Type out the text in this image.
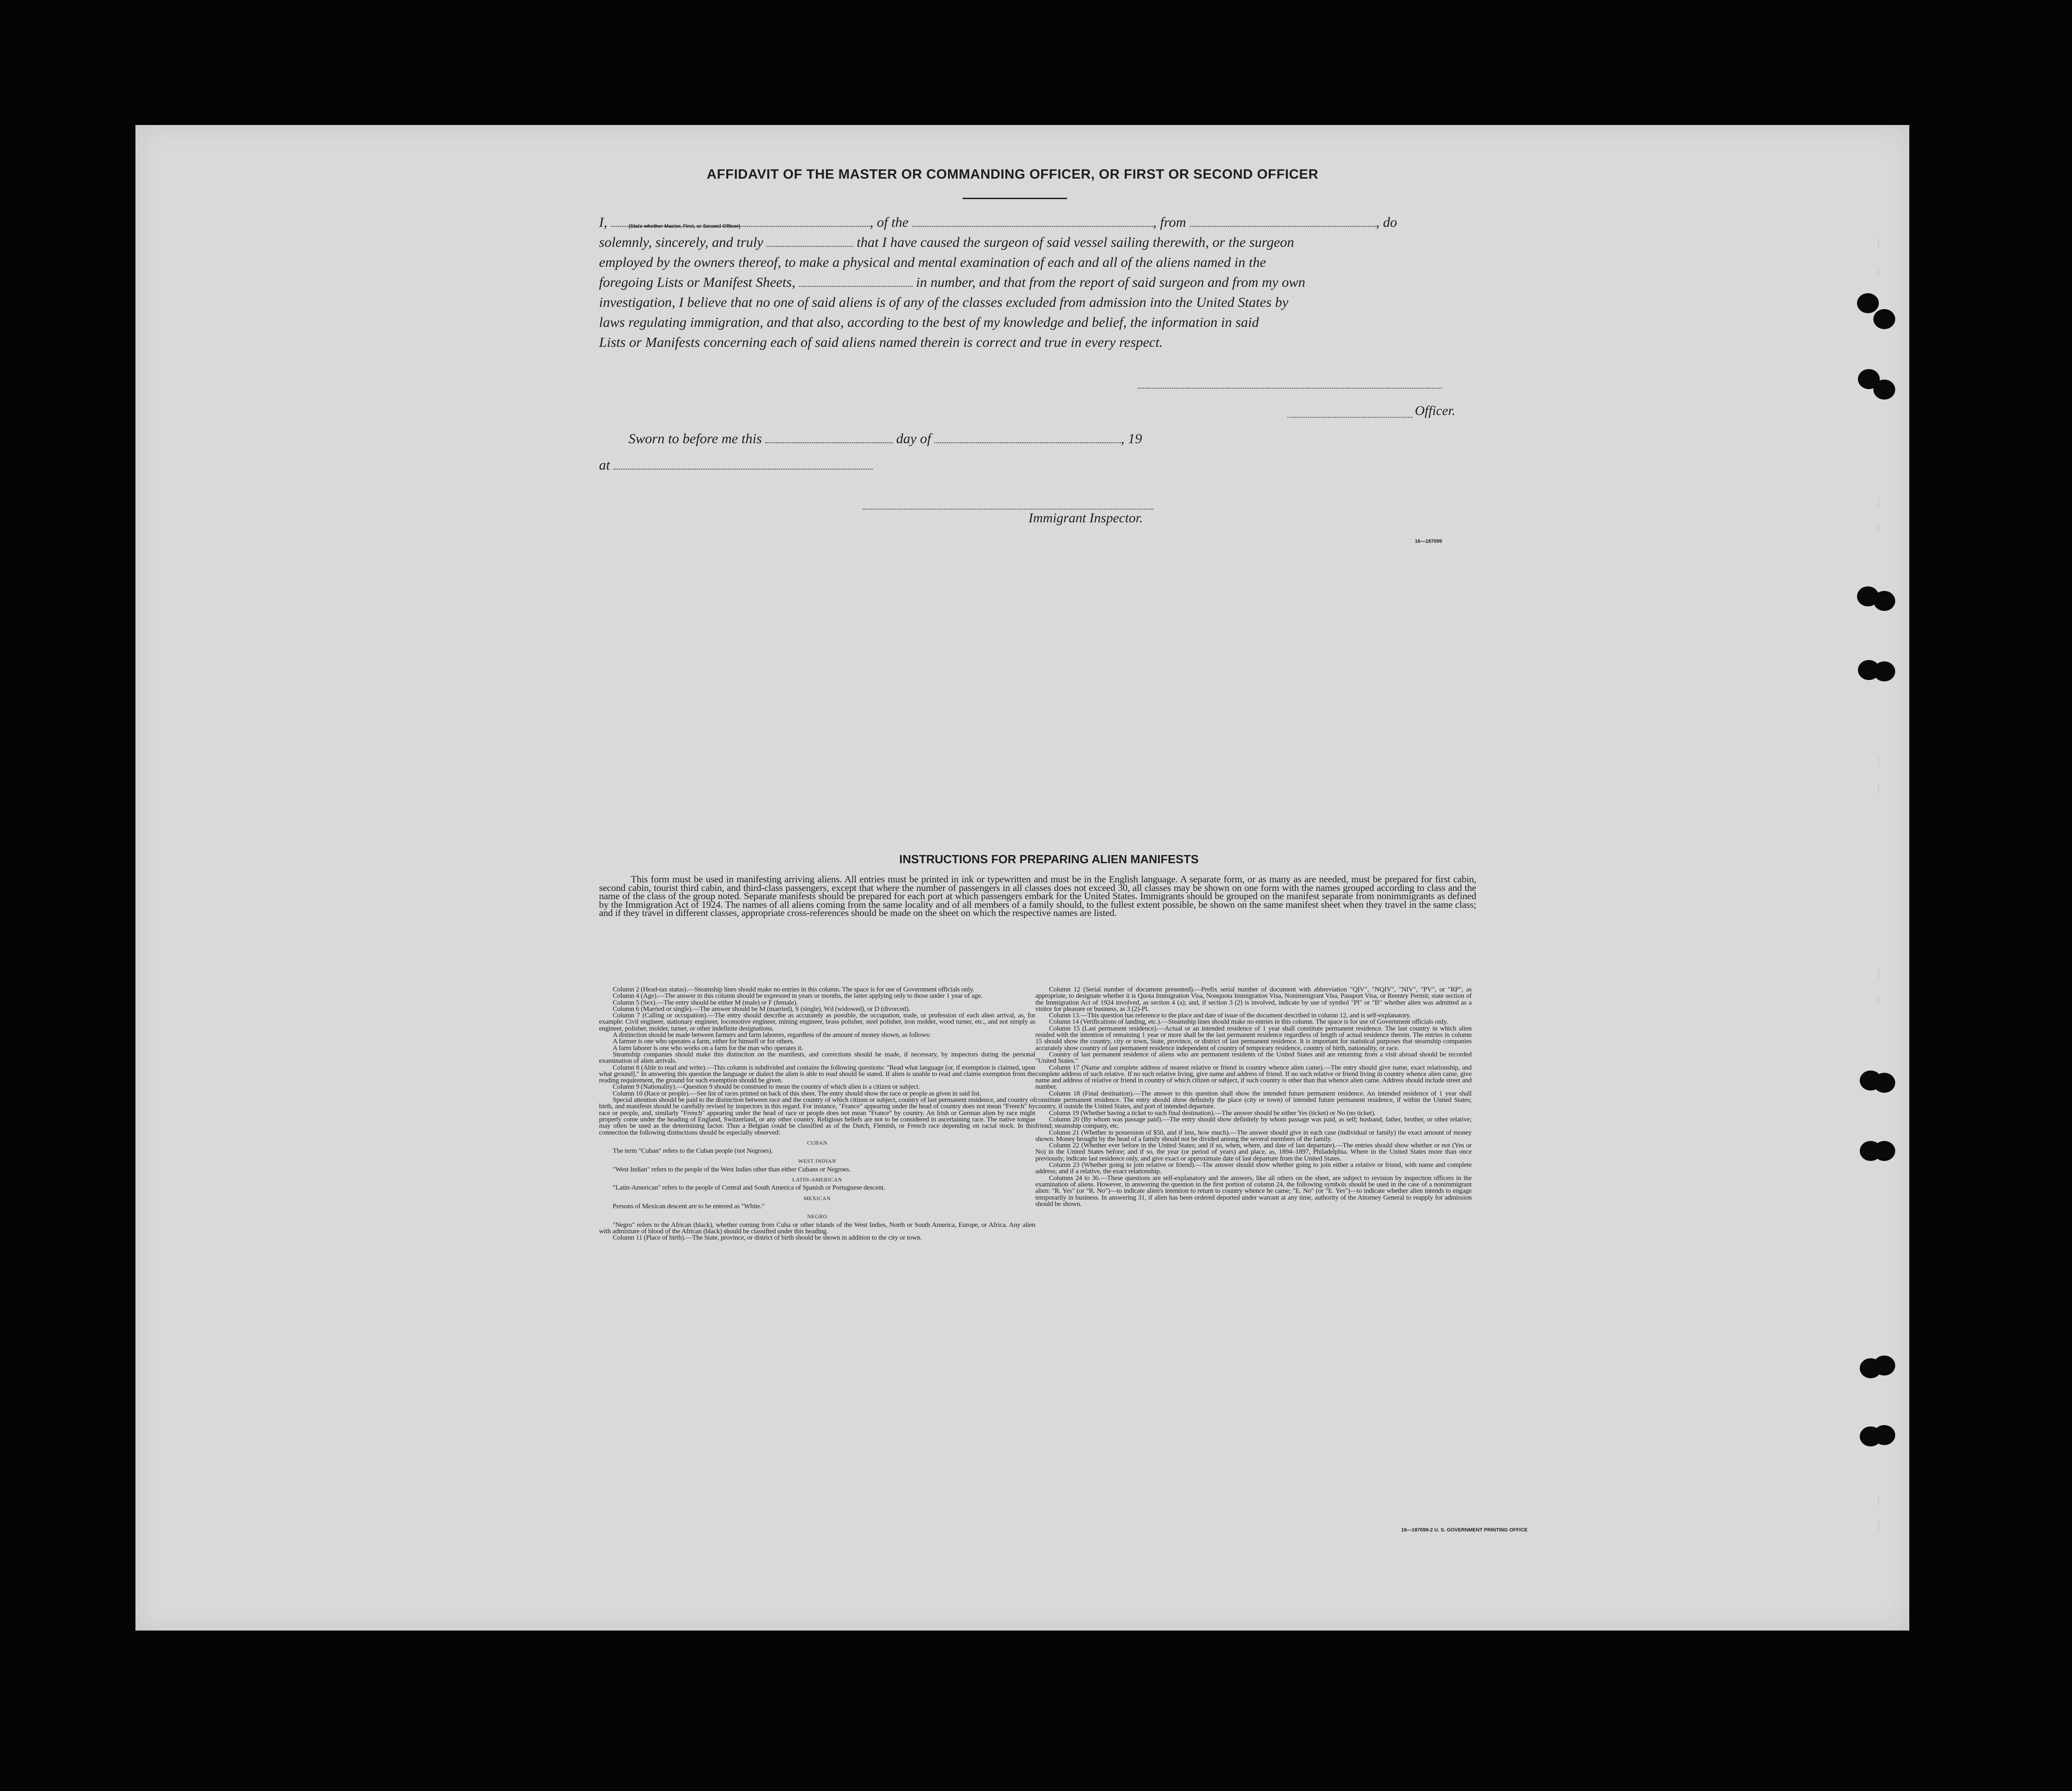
AFFIDAVIT OF THE MASTER OR COMMANDING OFFICER, OR FIRST OR SECOND OFFICER
I,	, of the	, from	, do
(State whether Master, First, or Second Officer)
solemnly, sincerely, and truly	that I have caused the surgeon of said vessel sailing therewith, or the surgeon
employed by the owners thereof, to make a physical and mental examination of each and all of the aliens named in the
foregoing Lists or Manifest Sheets,	in number, and that from the report of said surgeon and from my own
investigation, I believe that no one of said aliens is of any of the classes excluded from admission into the United States by
laws regulating immigration, and that also, according to the best of my knowledge and belief, the information in said
Lists or Manifests concerning each of said aliens named therein is correct and true in every respect.
Officer.
Sworn to before me this	day of	, 19
at
Immigrant Inspector.
16—187099
INSTRUCTIONS FOR PREPARING ALIEN MANIFESTS

This form must be used in manifesting arriving aliens. All entries must be printed in ink or typewritten and must be in the English language. A separate form, or as many as are needed, must be prepared for first cabin, second cabin, tourist third cabin, and third-class passengers, except that where the number of passengers in all classes does not exceed 30, all classes may be shown on one form with the names grouped according to class and the name of the class of the group noted. Separate manifests should be prepared for each port at which passengers embark for the United States. Immigrants should be grouped on the manifest separate from nonimmigrants as defined by the Immigration Act of 1924. The names of all aliens coming from the same locality and of all members of a family should, to the fullest extent possible, be shown on the same manifest sheet when they travel in the same class; and if they travel in different classes, appropriate cross-references should be made on the sheet on which the respective names are listed.

Column 2 (Head-tax status).—Steamship lines should make no entries in this column. The space is for use of Government officials only.

Column 4 (Age).—The answer in this column should be expressed in years or months, the latter applying only to those under 1 year of age.

Column 5 (Sex).—The entry should be either M (male) or F (female).

Column 6 (Married or single).—The answer should be M (married), S (single), Wd (widowed), or D (divorced).

Column 7 (Calling or occupation).—The entry should describe as accurately as possible, the occupation, trade, or profession of each alien arrival, as, for example: Civil engineer, stationary engineer, locomotive engineer, mining engineer, brass polisher, steel polisher, iron molder, wood turner, etc., and not simply as engineer, polisher, molder, turner, or other indefinite designations.

A distinction should be made between farmers and farm laborers, regardless of the amount of money shown, as follows:

A farmer is one who operates a farm, either for himself or for others.

A farm laborer is one who works on a farm for the man who operates it.

Steamship companies should make this distinction on the manifests, and corrections should be made, if necessary, by inspectors during the personal examination of alien arrivals.

Column 8 (Able to read and write).—This column is subdivided and contains the following questions: "Read what language [or, if exemption is claimed, upon what ground]." In answering this question the language or dialect the alien is able to read should be stated. If alien is unable to read and claims exemption from the reading requirement, the ground for such exemption should be given.

Column 9 (Nationality).—Question 9 should be construed to mean the country of which alien is a citizen or subject.

Column 10 (Race or people).—See list of races printed on back of this sheet. The entry should show the race or people as given in said list.

Special attention should be paid to the distinction between race and the country of which citizen or subject, country of last permanent residence, and country of birth, and manifests should be carefully revised by inspectors in this regard. For instance, "France" appearing under the head of country does not mean "French" by race or people, and, similarly "French" appearing under the head of race or people does not mean "France" by country. An Irish or German alien by race might properly come under the heading of England, Switzerland, or any other country. Religious beliefs are not to be considered in ascertaining race. The native tongue may often be used as the determining factor. Thus a Belgian could be classified as of the Dutch, Flemish, or French race depending on racial stock. In this connection the following distinctions should be especially observed:

CUBAN

The term "Cuban" refers to the Cuban people (not Negroes).

WEST INDIAN

"West Indian" refers to the people of the West Indies other than either Cubans or Negroes.

LATIN-AMERICAN

"Latin-American" refers to the people of Central and South America of Spanish or Portuguese descent.

MEXICAN

Persons of Mexican descent are to be entered as "White."

NEGRO

"Negro" refers to the African (black), whether coming from Cuba or other islands of the West Indies, North or South America, Europe, or Africa. Any alien with admixture of blood of the African (black) should be classified under this heading.

Column 11 (Place of birth).—The State, province, or district of birth should be shown in addition to the city or town.

Column 12 (Serial number of document presented).—Prefix serial number of document with abbreviation "QIV", "NQIV", "NIV", "PV", or "RP", as appropriate, to designate whether it is Quota Immigration Visa, Nonquota Immigration Visa, Nonimmigrant Visa, Passport Visa, or Reentry Permit; state section of the Immigration Act of 1924 involved, as section 4 (a); and, if section 3 (2) is involved, indicate by use of symbol "Pl" or "B" whether alien was admitted as a visitor for pleasure or business, as 3 (2)-Pl.

Column 13.—This question has reference to the place and date of issue of the document described in column 12, and is self-explanatory.

Column 14 (Verifications of landing, etc.).—Steamship lines should make no entries in this column. The space is for use of Government officials only.

Column 15 (Last permanent residence).—Actual or an intended residence of 1 year shall constitute permanent residence. The last country in which alien resided with the intention of remaining 1 year or more shall be the last permanent residence regardless of length of actual residence therein. The entries in column 15 should show the country, city or town, State, province, or district of last permanent residence. It is important for statistical purposes that steamship companies accurately show country of last permanent residence independent of country of temporary residence, country of birth, nationality, or race.

Country of last permanent residence of aliens who are permanent residents of the United States and are returning from a visit abroad should be recorded "United States."

Column 17 (Name and complete address of nearest relative or friend in country whence alien came).—The entry should give name, exact relationship, and complete address of such relative. If no such relative living, give name and address of friend. If no such relative or friend living in country whence alien came, give name and address of relative or friend in country of which citizen or subject, if such country is other than that whence alien came. Address should include street and number.

Column 18 (Final destination).—The answer to this question shall show the intended future permanent residence. An intended residence of 1 year shall constitute permanent residence. The entry should show definitely the place (city or town) of intended future permanent residence, if within the United States; country, if outside the United States, and port of intended departure.

Column 19 (Whether having a ticket to such final destination).—The answer should be either Yes (ticket) or No (no ticket).

Column 20 (By whom was passage paid).—The entry should show definitely by whom passage was paid, as self; husband, father, brother, or other relative; friend; steamship company, etc.

Column 21 (Whether in possession of $50, and if less, how much).—The answer should give in each case (individual or family) the exact amount of money shown. Money brought by the head of a family should not be divided among the several members of the family.

Column 22 (Whether ever before in the United States; and if so, when, where, and date of last departure).—The entries should show whether or not (Yes or No) in the United States before; and if so, the year (or period of years) and place, as, 1894–1897, Philadelphia. Where in the United States more than once previously, indicate last residence only, and give exact or approximate date of last departure from the United States.

Column 23 (Whether going to join relative or friend).—The answer should show whether going to join either a relative or friend, with name and complete address; and if a relative, the exact relationship.

Columns 24 to 36.—These questions are self-explanatory and the answers, like all others on the sheet, are subject to revision by inspection officers in the examination of aliens. However, in answering the question in the first portion of column 24, the following symbols should be used in the case of a nonimmigrant alien: "R. Yes" (or "R. No")—to indicate alien's intention to return to country whence he came; "E. No" (or "E. Yes")—to indicate whether alien intends to engage temporarily in business. In answering 31, if alien has been ordered deported under warrant at any time, authority of the Attorney General to reapply for admission should be shown.

16—187099-2 U. S. GOVERNMENT PRINTING OFFICE
